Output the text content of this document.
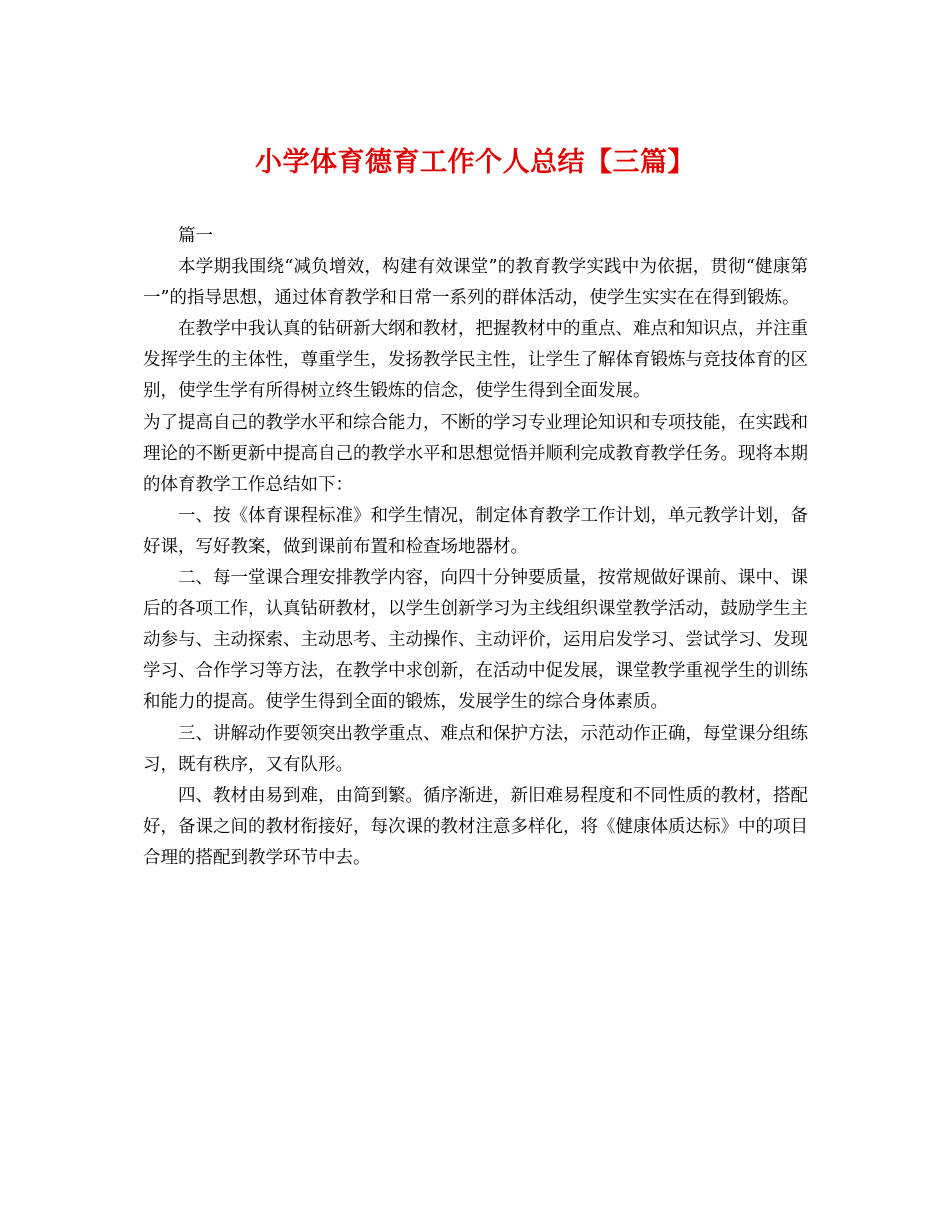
小学体育德育工作个人总结【三篇】

篇一

本学期我围绕“减负增效，构建有效课堂”的教育教学实践中为依据，贯彻“健康第一”的指导思想，通过体育教学和日常一系列的群体活动，使学生实实在在得到锻炼。

在教学中我认真的钻研新大纲和教材，把握教材中的重点、难点和知识点，并注重发挥学生的主体性，尊重学生，发扬教学民主性，让学生了解体育锻炼与竞技体育的区别，使学生学有所得树立终生锻炼的信念，使学生得到全面发展。

为了提高自己的教学水平和综合能力，不断的学习专业理论知识和专项技能，在实践和理论的不断更新中提高自己的教学水平和思想觉悟并顺利完成教育教学任务。现将本期的体育教学工作总结如下：

一、按《体育课程标准》和学生情况，制定体育教学工作计划，单元教学计划，备好课，写好教案，做到课前布置和检查场地器材。

二、每一堂课合理安排教学内容，向四十分钟要质量，按常规做好课前、课中、课后的各项工作，认真钻研教材，以学生创新学习为主线组织课堂教学活动，鼓励学生主动参与、主动探索、主动思考、主动操作、主动评价，运用启发学习、尝试学习、发现学习、合作学习等方法，在教学中求创新，在活动中促发展，课堂教学重视学生的训练和能力的提高。使学生得到全面的锻炼，发展学生的综合身体素质。

三、讲解动作要领突出教学重点、难点和保护方法，示范动作正确，每堂课分组练习，既有秩序，又有队形。

四、教材由易到难，由简到繁。循序渐进，新旧难易程度和不同性质的教材，搭配好，备课之间的教材衔接好，每次课的教材注意多样化，将《健康体质达标》中的项目合理的搭配到教学环节中去。
